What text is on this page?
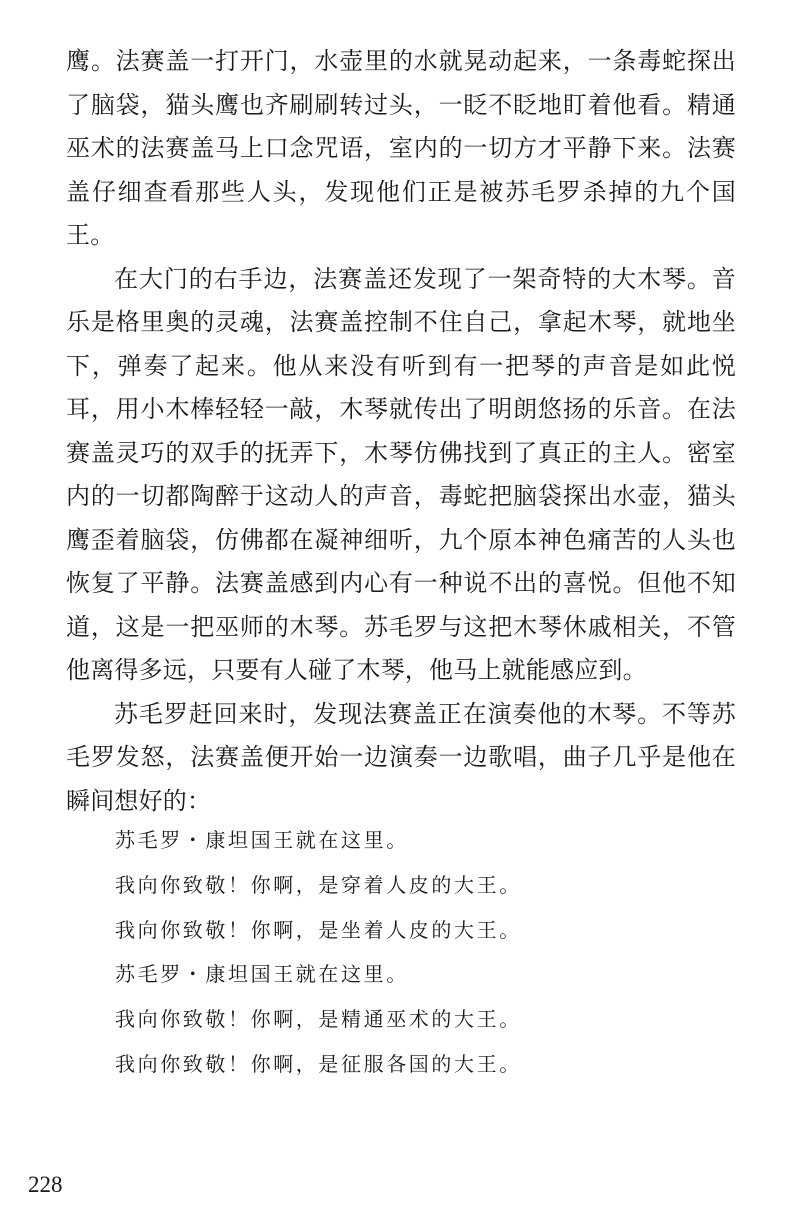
鹰。法赛盖一打开门，水壶里的水就晃动起来，一条毒蛇探出了脑袋，猫头鹰也齐刷刷转过头，一眨不眨地盯着他看。精通巫术的法赛盖马上口念咒语，室内的一切方才平静下来。法赛盖仔细查看那些人头，发现他们正是被苏毛罗杀掉的九个国王。

在大门的右手边，法赛盖还发现了一架奇特的大木琴。音乐是格里奥的灵魂，法赛盖控制不住自己，拿起木琴，就地坐下，弹奏了起来。他从来没有听到有一把琴的声音是如此悦耳，用小木棒轻轻一敲，木琴就传出了明朗悠扬的乐音。在法赛盖灵巧的双手的抚弄下，木琴仿佛找到了真正的主人。密室内的一切都陶醉于这动人的声音，毒蛇把脑袋探出水壶，猫头鹰歪着脑袋，仿佛都在凝神细听，九个原本神色痛苦的人头也恢复了平静。法赛盖感到内心有一种说不出的喜悦。但他不知道，这是一把巫师的木琴。苏毛罗与这把木琴休戚相关，不管他离得多远，只要有人碰了木琴，他马上就能感应到。

苏毛罗赶回来时，发现法赛盖正在演奏他的木琴。不等苏毛罗发怒，法赛盖便开始一边演奏一边歌唱，曲子几乎是他在瞬间想好的：

苏毛罗・康坦国王就在这里。
我向你致敬！你啊，是穿着人皮的大王。
我向你致敬！你啊，是坐着人皮的大王。
苏毛罗・康坦国王就在这里。
我向你致敬！你啊，是精通巫术的大王。
我向你致敬！你啊，是征服各国的大王。
228
